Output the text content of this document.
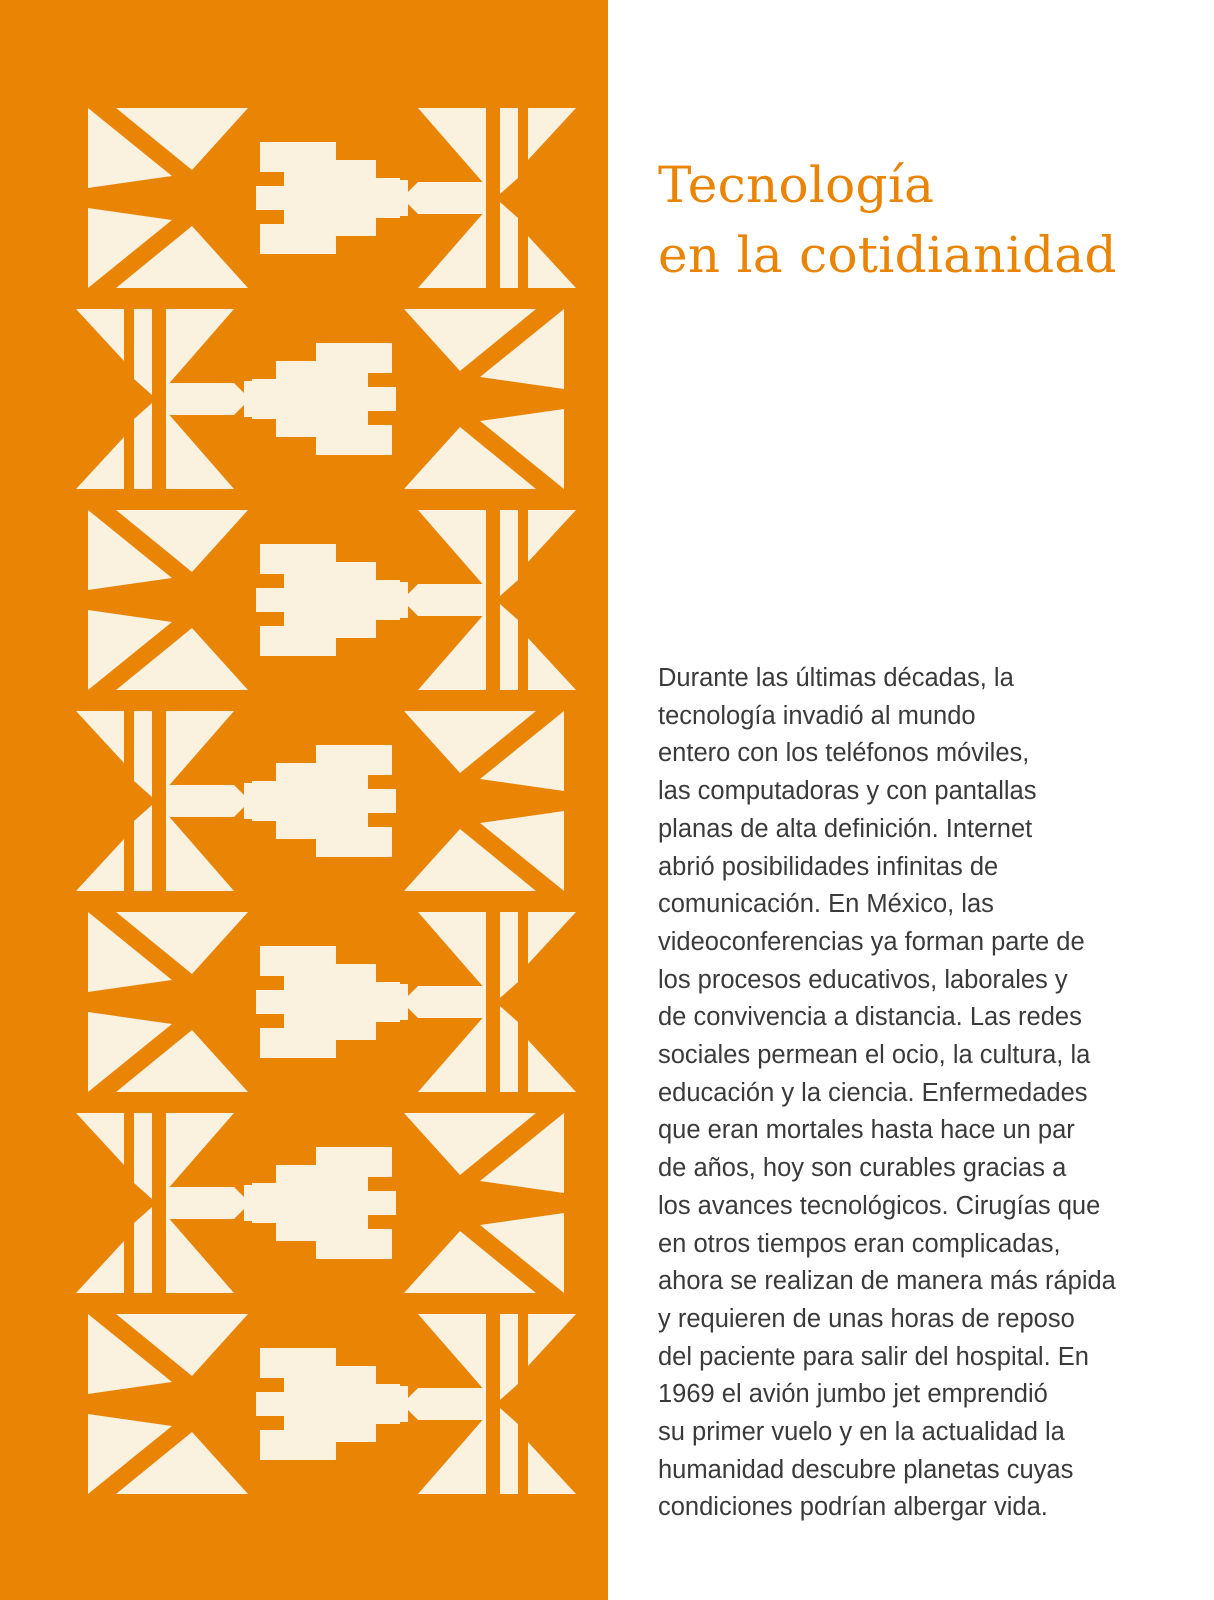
Tecnología
en la cotidianidad

Durante las últimas décadas, la
tecnología invadió al mundo
entero con los teléfonos móviles,
las computadoras y con pantallas
planas de alta definición. Internet
abrió posibilidades infinitas de
comunicación. En México, las
videoconferencias ya forman parte de
los procesos educativos, laborales y
de convivencia a distancia. Las redes
sociales permean el ocio, la cultura, la
educación y la ciencia. Enfermedades
que eran mortales hasta hace un par
de años, hoy son curables gracias a
los avances tecnológicos. Cirugías que
en otros tiempos eran complicadas,
ahora se realizan de manera más rápida
y requieren de unas horas de reposo
del paciente para salir del hospital. En
1969 el avión jumbo jet emprendió
su primer vuelo y en la actualidad la
humanidad descubre planetas cuyas
condiciones podrían albergar vida.
